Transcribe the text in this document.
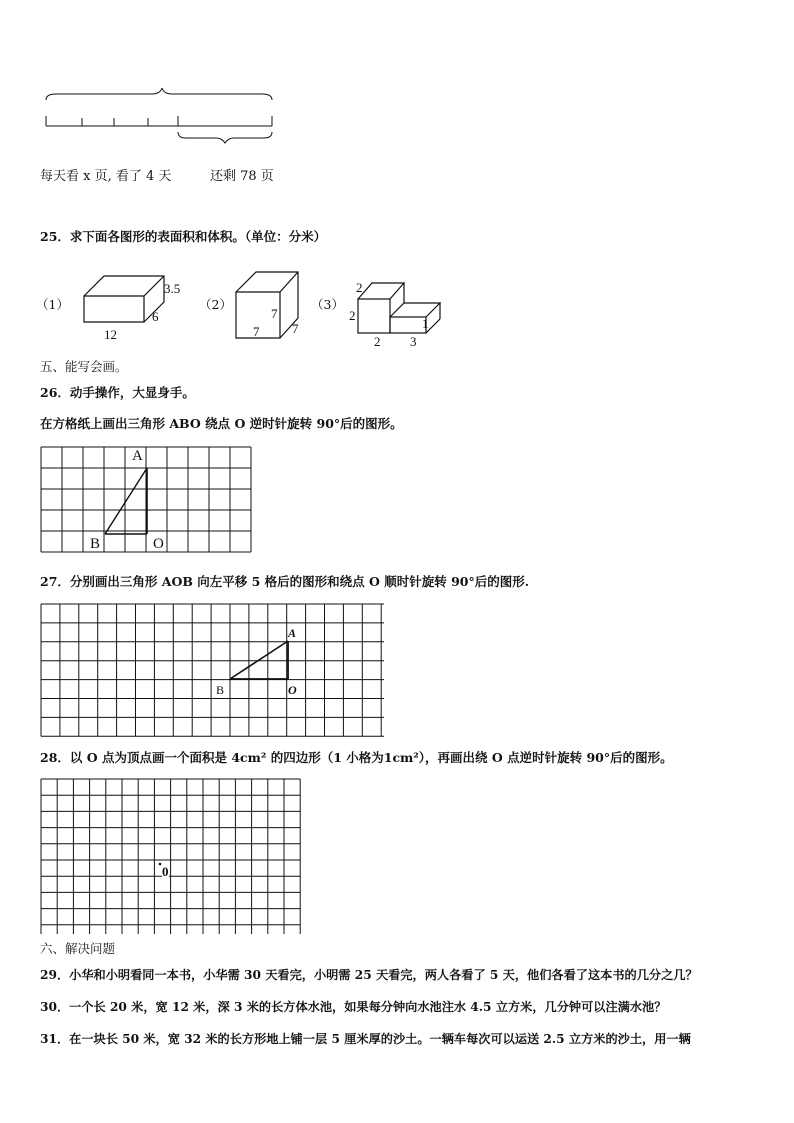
每天看 x 页, 看了 4 天	还剩 78 页
25．求下面各图形的表面积和体积。（单位：分米）
（1）
3.5
6
12
（2）
7
7	7
（3）
2
2
1
2 3
五、能写会画。
26．动手操作，大显身手。
在方格纸上画出三角形 ABO 绕点 O 逆时针旋转 90°后的图形。
A
B	O
27．分别画出三角形 AOB 向左平移 5 格后的图形和绕点 O 顺时针旋转 90°后的图形.
A
B	O
28．以 O 点为顶点画一个面积是 4cm² 的四边形（1 小格为1cm²），再画出绕 O 点逆时针旋转 90°后的图形。
0
六、解决问题
29．小华和小明看同一本书，小华需 30 天看完，小明需 25 天看完，两人各看了 5 天，他们各看了这本书的几分之几？
30．一个长 20 米，宽 12 米，深 3 米的长方体水池，如果每分钟向水池注水 4.5 立方米，几分钟可以注满水池？
31．在一块长 50 米，宽 32 米的长方形地上铺一层 5 厘米厚的沙土。一辆车每次可以运送 2.5 立方米的沙土，用一辆
